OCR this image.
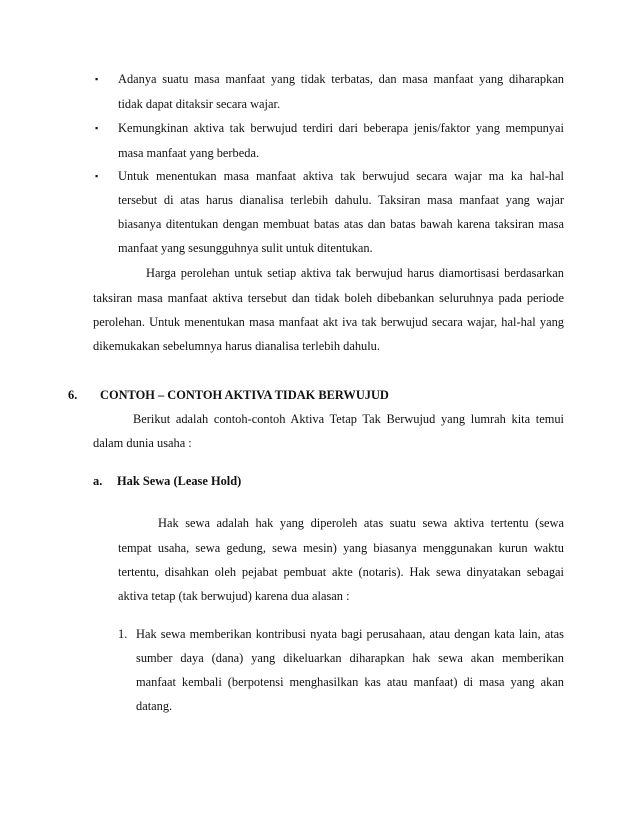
▪ Adanya suatu masa manfaat yang tidak terbatas, dan masa manfaat yang diharapkan
tidak dapat ditaksir secara wajar.
▪ Kemungkinan aktiva tak berwujud terdiri dari beberapa jenis/faktor yang mempunyai
masa manfaat yang berbeda.
▪ Untuk menentukan masa manfaat aktiva tak berwujud secara wajar ma ka hal-hal
tersebut di atas harus dianalisa terlebih dahulu. Taksiran masa manfaat yang wajar
biasanya ditentukan dengan membuat batas atas dan batas bawah karena taksiran masa
manfaat yang sesungguhnya sulit untuk ditentukan.
Harga perolehan untuk setiap aktiva tak berwujud harus diamortisasi berdasarkan
taksiran masa manfaat aktiva tersebut dan tidak boleh dibebankan seluruhnya pada periode
perolehan. Untuk menentukan masa manfaat akt iva tak berwujud secara wajar, hal-hal yang
dikemukakan sebelumnya harus dianalisa terlebih dahulu.
6. CONTOH – CONTOH AKTIVA TIDAK BERWUJUD
Berikut adalah contoh-contoh Aktiva Tetap Tak Berwujud yang lumrah kita temui
dalam dunia usaha :
a. Hak Sewa (Lease Hold)
Hak sewa adalah hak yang diperoleh atas suatu sewa aktiva tertentu (sewa
tempat usaha, sewa gedung, sewa mesin) yang biasanya menggunakan kurun waktu
tertentu, disahkan oleh pejabat pembuat akte (notaris). Hak sewa dinyatakan sebagai
aktiva tetap (tak berwujud) karena dua alasan :
1. Hak sewa memberikan kontribusi nyata bagi perusahaan, atau dengan kata lain, atas
sumber daya (dana) yang dikeluarkan diharapkan hak sewa akan memberikan
manfaat kembali (berpotensi menghasilkan kas atau manfaat) di masa yang akan
datang.
